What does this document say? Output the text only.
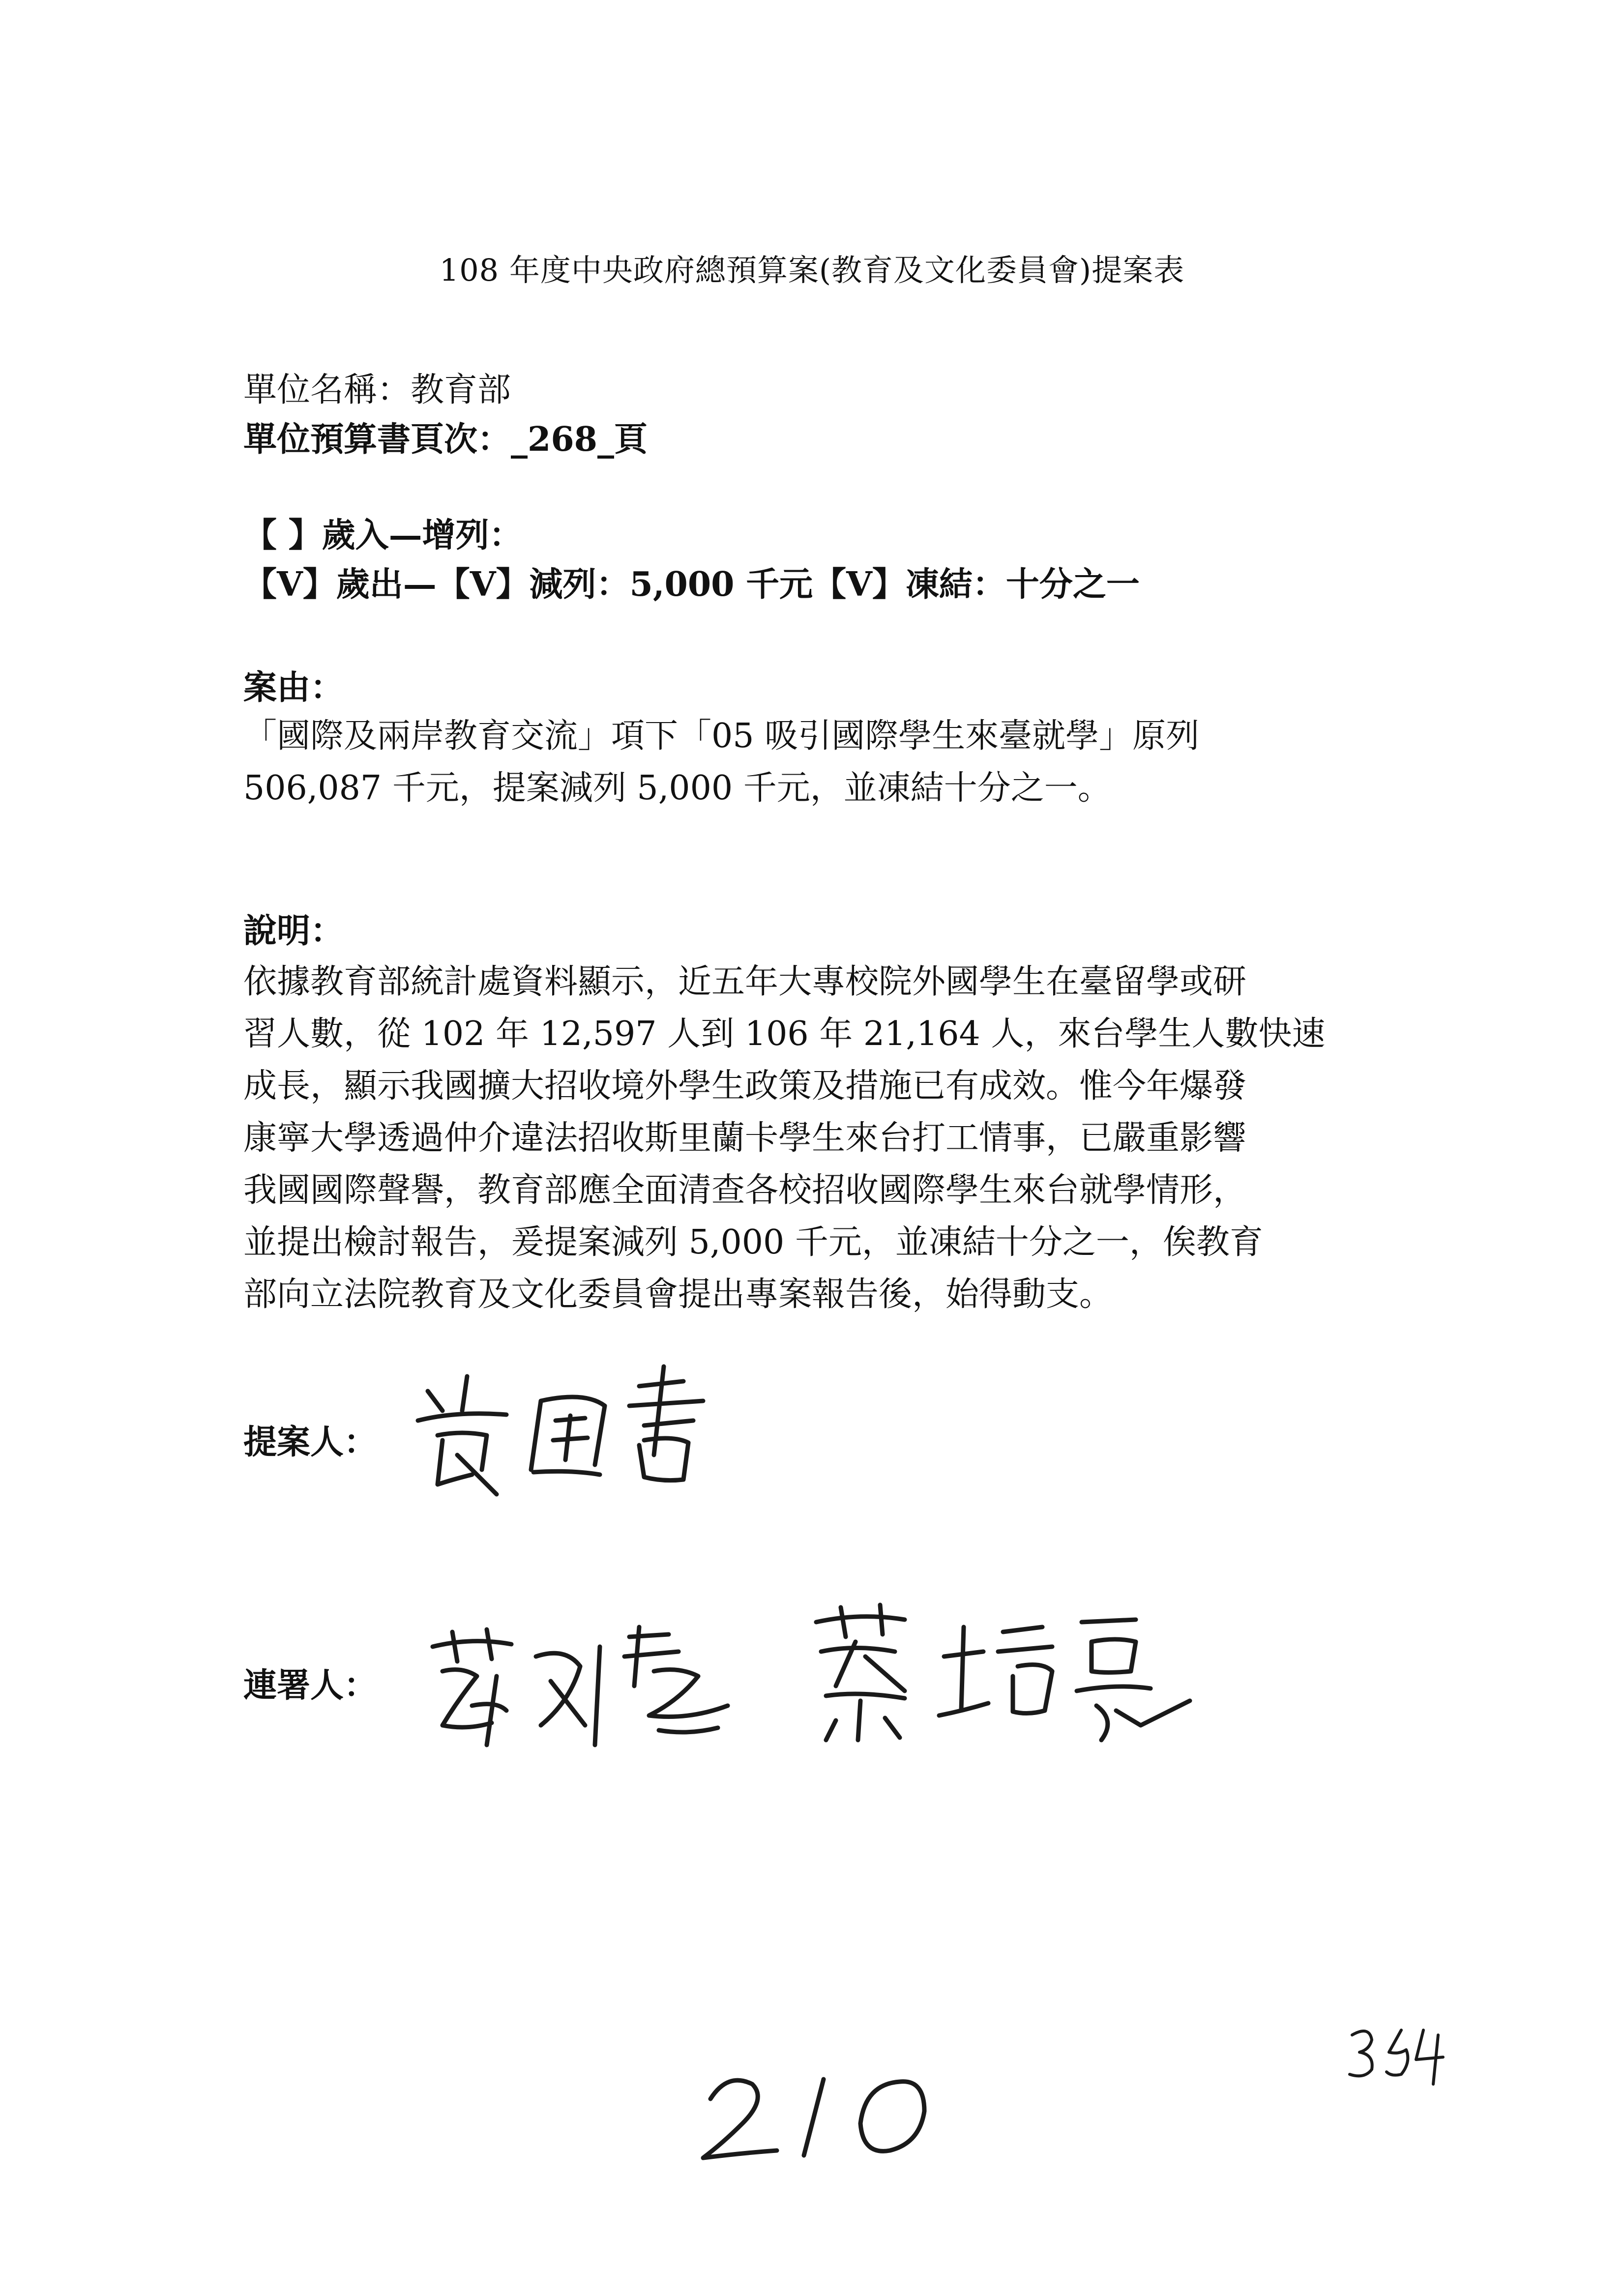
108 年度中央政府總預算案(教育及文化委員會)提案表
單位名稱：教育部
單位預算書頁次：_268_頁
【 】歲入—增列：
【V】歲出—【V】減列：5,000 千元【V】凍結：十分之一
案由：
「國際及兩岸教育交流」項下「05 吸引國際學生來臺就學」原列
506,087 千元，提案減列 5,000 千元，並凍結十分之一。
說明：
依據教育部統計處資料顯示，近五年大專校院外國學生在臺留學或研
習人數，從 102 年 12,597 人到 106 年 21,164 人，來台學生人數快速
成長，顯示我國擴大招收境外學生政策及措施已有成效。惟今年爆發
康寧大學透過仲介違法招收斯里蘭卡學生來台打工情事，已嚴重影響
我國國際聲譽，教育部應全面清查各校招收國際學生來台就學情形，
並提出檢討報告，爰提案減列 5,000 千元，並凍結十分之一，俟教育
部向立法院教育及文化委員會提出專案報告後，始得動支。
提案人：
連署人：
